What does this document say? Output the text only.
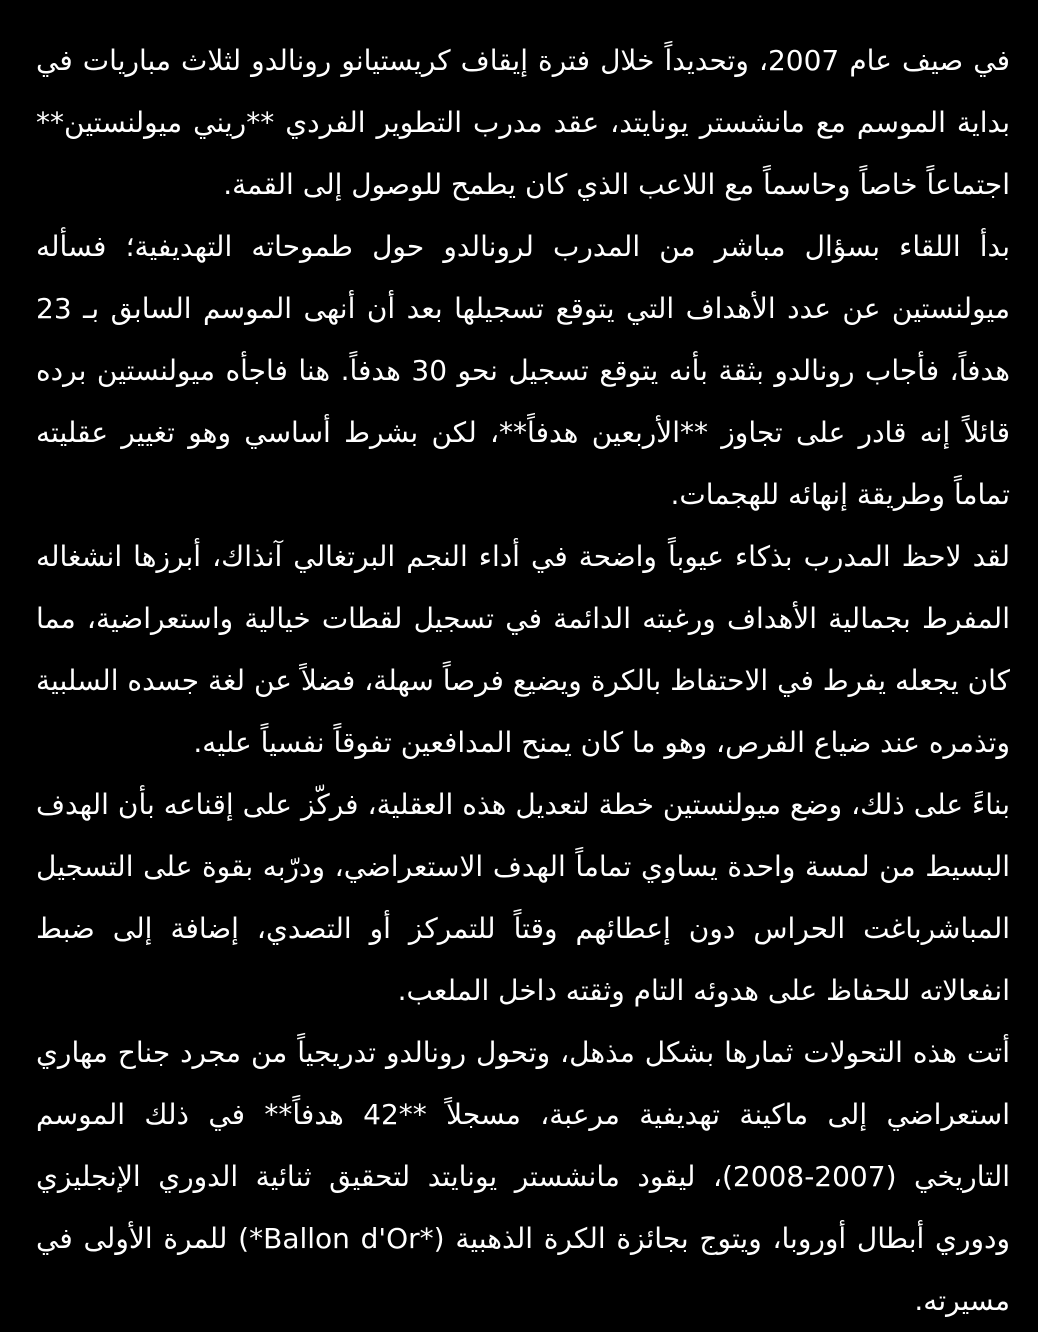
في صيف عام 2007، وتحديداً خلال فترة إيقاف كريستيانو رونالدو لثلاث مباريات في بداية الموسم مع مانشستر يونايتد، عقد مدرب التطوير الفردي **ريني ميولنستين** اجتماعاً خاصاً وحاسماً مع اللاعب الذي كان يطمح للوصول إلى القمة.

بدأ اللقاء بسؤال مباشر من المدرب لرونالدو حول طموحاته التهديفية؛ فسأله ميولنستين عن عدد الأهداف التي يتوقع تسجيلها بعد أن أنهى الموسم السابق بـ 23 هدفاً، فأجاب رونالدو بثقة بأنه يتوقع تسجيل نحو 30 هدفاً. هنا فاجأه ميولنستين برده قائلاً إنه قادر على تجاوز **الأربعين هدفاً**، لكن بشرط أساسي وهو تغيير عقليته تماماً وطريقة إنهائه للهجمات.

لقد لاحظ المدرب بذكاء عيوباً واضحة في أداء النجم البرتغالي آنذاك، أبرزها انشغاله المفرط بجمالية الأهداف ورغبته الدائمة في تسجيل لقطات خيالية واستعراضية، مما كان يجعله يفرط في الاحتفاظ بالكرة ويضيع فرصاً سهلة، فضلاً عن لغة جسده السلبية وتذمره عند ضياع الفرص، وهو ما كان يمنح المدافعين تفوقاً نفسياً عليه.

بناءً على ذلك، وضع ميولنستين خطة لتعديل هذه العقلية، فركّز على إقناعه بأن الهدف البسيط من لمسة واحدة يساوي تماماً الهدف الاستعراضي، ودرّبه بقوة على التسجيل المباشرباغت الحراس دون إعطائهم وقتاً للتمركز أو التصدي، إضافة إلى ضبط انفعالاته للحفاظ على هدوئه التام وثقته داخل الملعب.

أتت هذه التحولات ثمارها بشكل مذهل، وتحول رونالدو تدريجياً من مجرد جناح مهاري استعراضي إلى ماكينة تهديفية مرعبة، مسجلاً **42 هدفاً** في ذلك الموسم التاريخي (2007-2008)، ليقود مانشستر يونايتد لتحقيق ثنائية الدوري الإنجليزي ودوري أبطال أوروبا، ويتوج بجائزة الكرة الذهبية (*Ballon d'Or*) للمرة الأولى في مسيرته.
